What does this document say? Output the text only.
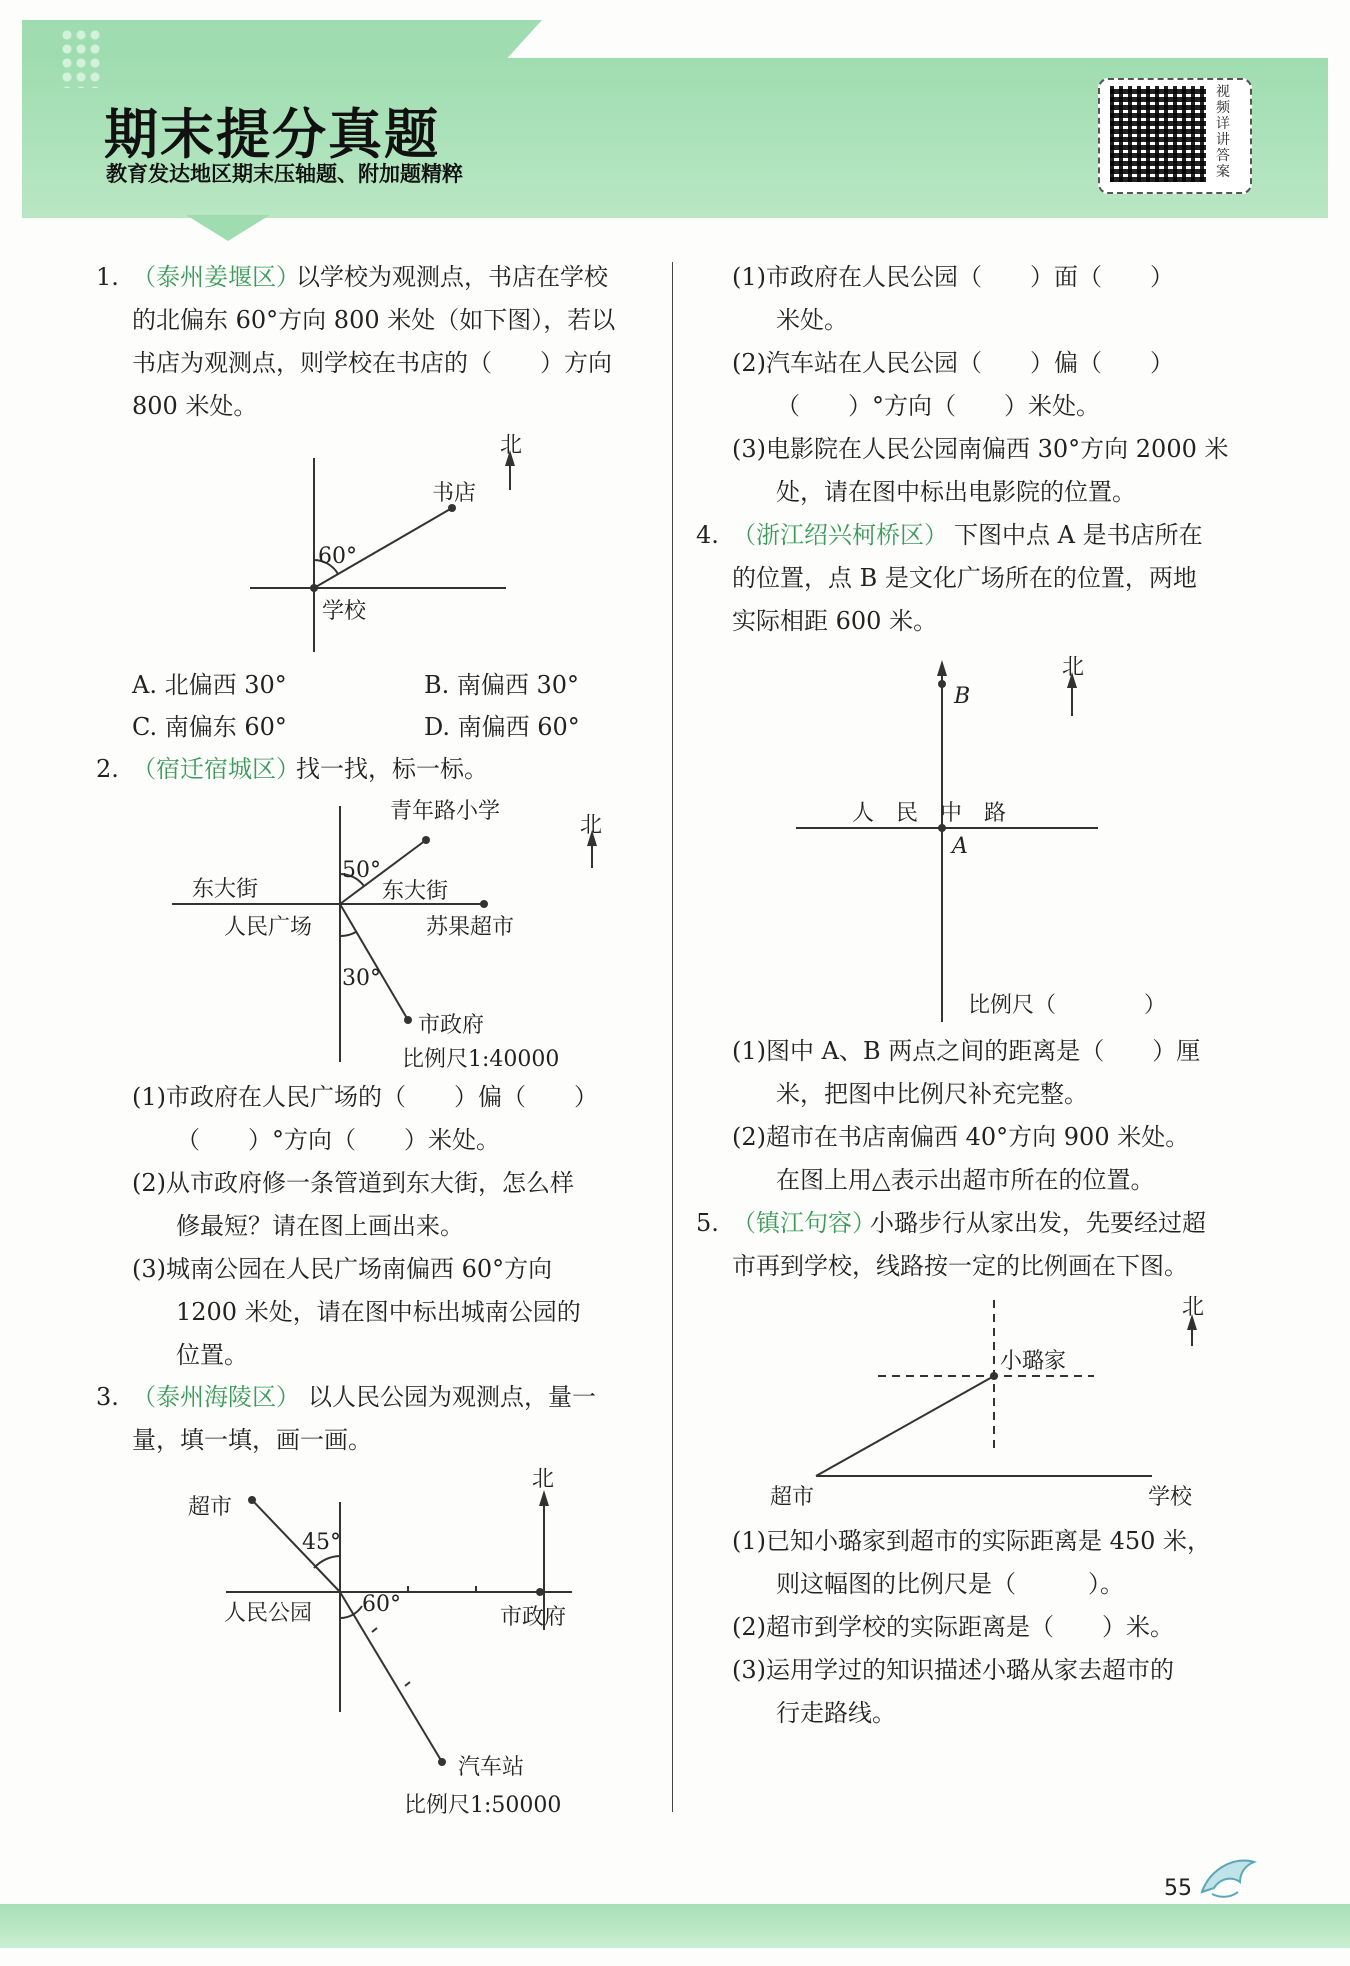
期末提分真题
教育发达地区期末压轴题、附加题精粹
视频详讲答案
1. （泰州姜堰区）
以学校为观测点，书店在学校
的北偏东 60°方向 800 米处（如下图），若以
书店为观测点，则学校在书店的（　　）方向
800 米处。
北
书店
60°
学校
A. 北偏西 30°	B. 南偏西 30°
C. 南偏东 60°	D. 南偏西 60°
2. （宿迁宿城区）
找一找，标一标。
青年路小学
北
东大街
50°
东大街
人民广场	苏果超市
30°
市政府
比例尺1:40000
(1)市政府在人民广场的（　　）偏（　　）
（　　）°方向（　　）米处。
(2)从市政府修一条管道到东大街，怎么样
修最短？请在图上画出来。
(3)城南公园在人民广场南偏西 60°方向
1200 米处，请在图中标出城南公园的
位置。
3. （泰州海陵区） 以人民公园为观测点，量一
量，填一填，画一画。
超市
北
45°
人民公园 60°
市政府
汽车站
比例尺1:50000
(1)市政府在人民公园（　　）面（　　）
米处。
(2)汽车站在人民公园（　　）偏（　　）
（　　）°方向（　　）米处。
(3)电影院在人民公园南偏西 30°方向 2000 米
处，请在图中标出电影院的位置。
4. （浙江绍兴柯桥区） 下图中点 A 是书店所在
的位置，点 B 是文化广场所在的位置，两地
实际相距 600 米。
北
B
人　民　中　路
A
比例尺（　　　　）
(1)图中 A、B 两点之间的距离是（　　）厘
米，把图中比例尺补充完整。
(2)超市在书店南偏西 40°方向 900 米处。
在图上用△表示出超市所在的位置。
5. （镇江句容）
小璐步行从家出发，先要经过超
市再到学校，线路按一定的比例画在下图。
北
小璐家
超市	学校
(1)已知小璐家到超市的实际距离是 450 米，
则这幅图的比例尺是（　　　）。
(2)超市到学校的实际距离是（　　）米。
(3)运用学过的知识描述小璐从家去超市的
行走路线。
55
